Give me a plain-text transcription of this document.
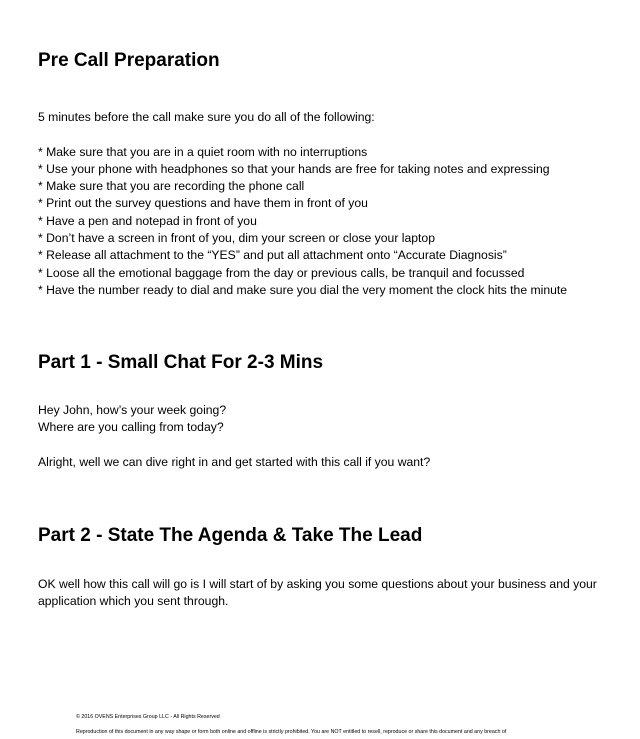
Pre Call Preparation

5 minutes before the call make sure you do all of the following:

* Make sure that you are in a quiet room with no interruptions
* Use your phone with headphones so that your hands are free for taking notes and expressing
* Make sure that you are recording the phone call
* Print out the survey questions and have them in front of you
* Have a pen and notepad in front of you
* Don’t have a screen in front of you, dim your screen or close your laptop
* Release all attachment to the “YES” and put all attachment onto “Accurate Diagnosis”
* Loose all the emotional baggage from the day or previous calls, be tranquil and focussed
* Have the number ready to dial and make sure you dial the very moment the clock hits the minute
Part 1 - Small Chat For 2-3 Mins

Hey John, how’s your week going?

Where are you calling from today?

Alright, well we can dive right in and get started with this call if you want?

Part 2 - State The Agenda & Take The Lead

OK well how this call will go is I will start of by asking you some questions about your business and your application which you sent through.

© 2016 OVENS Enterprises Group LLC - All Rights Reserved
Reproduction of this document in any way shape or form both online and offline is strictly prohibited. You are NOT entitled to resell, reproduce or share this document and any breach of
